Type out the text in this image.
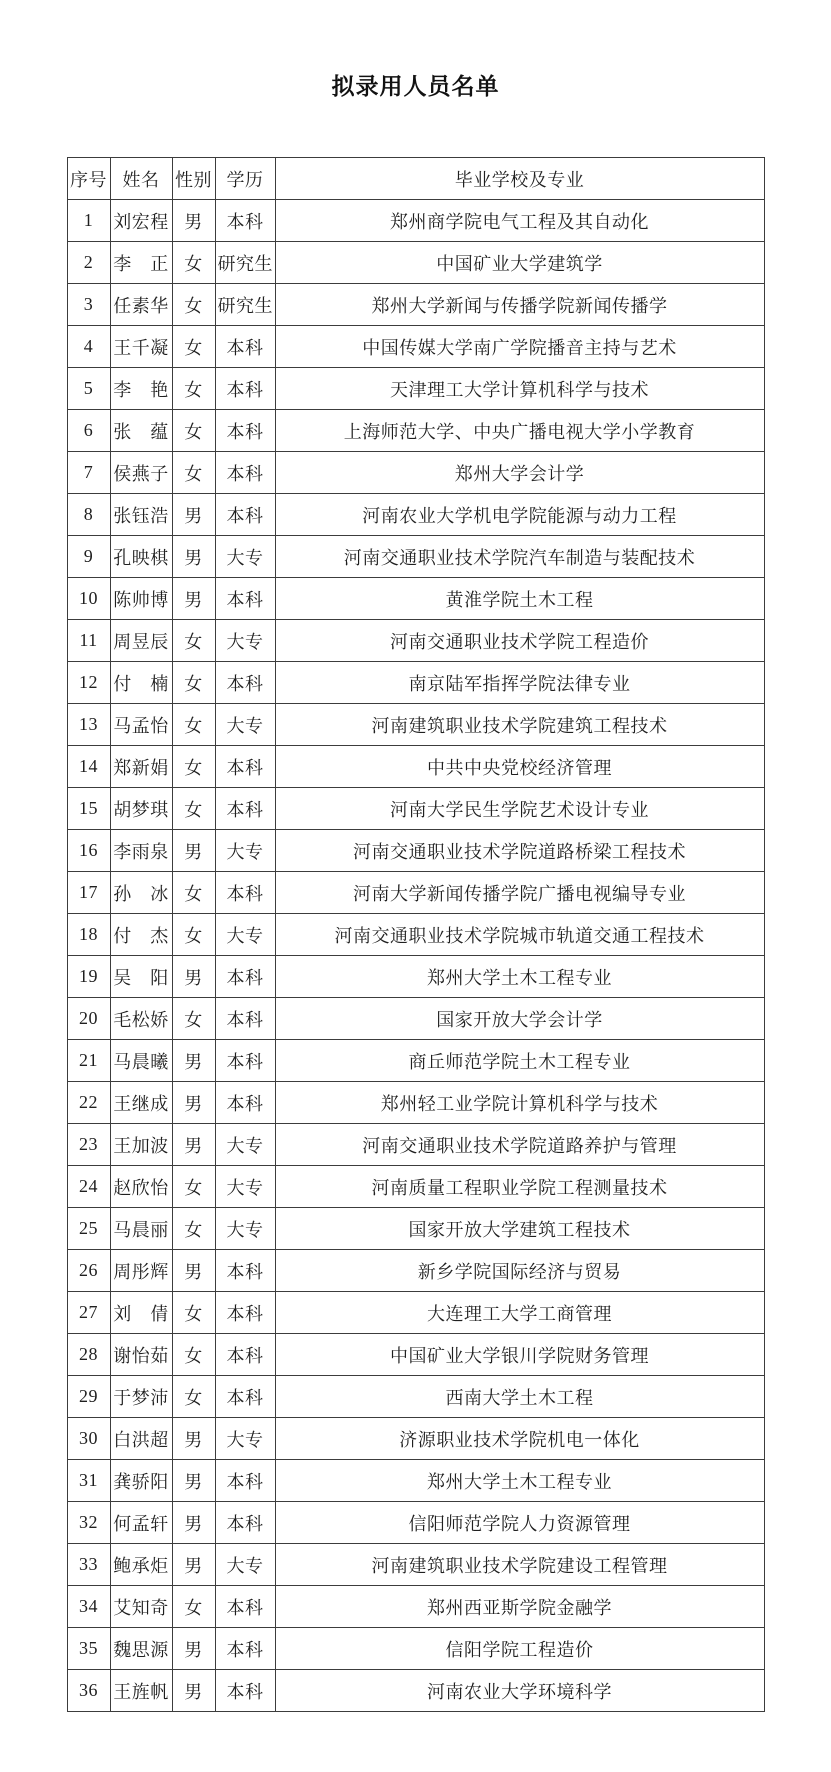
拟录用人员名单
序号	姓名	性别	学历	毕业学校及专业
1	刘宏程	男	本科	郑州商学院电气工程及其自动化
2	李　正	女	研究生	中国矿业大学建筑学
3	任素华	女	研究生	郑州大学新闻与传播学院新闻传播学
4	王千凝	女	本科	中国传媒大学南广学院播音主持与艺术
5	李　艳	女	本科	天津理工大学计算机科学与技术
6	张　蕴	女	本科	上海师范大学、中央广播电视大学小学教育
7	侯燕子	女	本科	郑州大学会计学
8	张钰浩	男	本科	河南农业大学机电学院能源与动力工程
9	孔映棋	男	大专	河南交通职业技术学院汽车制造与装配技术
10	陈帅博	男	本科	黄淮学院土木工程
11	周昱辰	女	大专	河南交通职业技术学院工程造价
12	付　楠	女	本科	南京陆军指挥学院法律专业
13	马孟怡	女	大专	河南建筑职业技术学院建筑工程技术
14	郑新娟	女	本科	中共中央党校经济管理
15	胡梦琪	女	本科	河南大学民生学院艺术设计专业
16	李雨泉	男	大专	河南交通职业技术学院道路桥梁工程技术
17	孙　冰	女	本科	河南大学新闻传播学院广播电视编导专业
18	付　杰	女	大专	河南交通职业技术学院城市轨道交通工程技术
19	吴　阳	男	本科	郑州大学土木工程专业
20	毛松娇	女	本科	国家开放大学会计学
21	马晨曦	男	本科	商丘师范学院土木工程专业
22	王继成	男	本科	郑州轻工业学院计算机科学与技术
23	王加波	男	大专	河南交通职业技术学院道路养护与管理
24	赵欣怡	女	大专	河南质量工程职业学院工程测量技术
25	马晨丽	女	大专	国家开放大学建筑工程技术
26	周彤辉	男	本科	新乡学院国际经济与贸易
27	刘　倩	女	本科	大连理工大学工商管理
28	谢怡茹	女	本科	中国矿业大学银川学院财务管理
29	于梦沛	女	本科	西南大学土木工程
30	白洪超	男	大专	济源职业技术学院机电一体化
31	龚骄阳	男	本科	郑州大学土木工程专业
32	何孟轩	男	本科	信阳师范学院人力资源管理
33	鲍承炬	男	大专	河南建筑职业技术学院建设工程管理
34	艾知奇	女	本科	郑州西亚斯学院金融学
35	魏思源	男	本科	信阳学院工程造价
36	王旌帆	男	本科	河南农业大学环境科学
